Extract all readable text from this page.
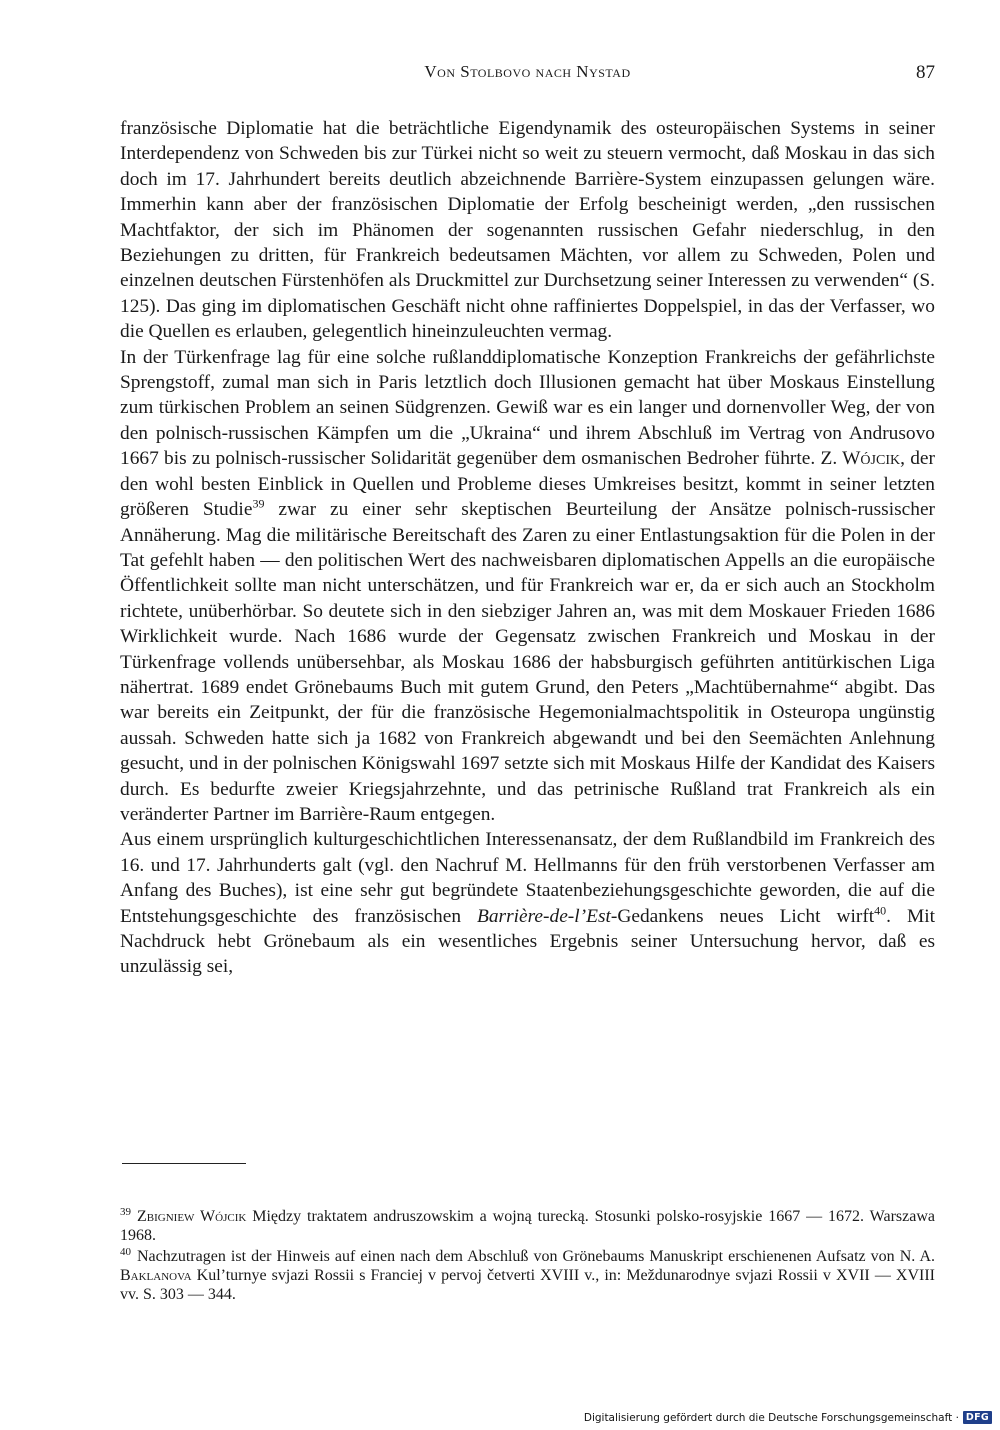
Von Stolbovo nach Nystad	87

französische Diplomatie hat die beträchtliche Eigendynamik des osteuropäischen Systems in seiner Interdependenz von Schweden bis zur Türkei nicht so weit zu steuern vermocht, daß Moskau in das sich doch im 17. Jahrhundert bereits deutlich abzeichnende Barrière-System einzupassen gelungen wäre. Immerhin kann aber der französischen Diplomatie der Erfolg bescheinigt werden, „den russischen Machtfaktor, der sich im Phänomen der sogenannten russischen Gefahr niederschlug, in den Beziehungen zu dritten, für Frankreich bedeutsamen Mächten, vor allem zu Schweden, Polen und einzelnen deutschen Fürstenhöfen als Druckmittel zur Durchsetzung seiner Interessen zu verwenden“ (S. 125). Das ging im diplomatischen Geschäft nicht ohne raffiniertes Doppelspiel, in das der Verfasser, wo die Quellen es erlauben, gelegentlich hineinzuleuchten vermag.

In der Türkenfrage lag für eine solche rußlanddiplomatische Konzeption Frankreichs der gefährlichste Sprengstoff, zumal man sich in Paris letztlich doch Illusionen gemacht hat über Moskaus Einstellung zum türkischen Problem an seinen Südgrenzen. Gewiß war es ein langer und dornenvoller Weg, der von den polnisch-russischen Kämpfen um die „Ukraina“ und ihrem Abschluß im Vertrag von Andrusovo 1667 bis zu polnisch-russischer Solidarität gegenüber dem osmanischen Bedroher führte. Z. Wójcik, der den wohl besten Einblick in Quellen und Probleme dieses Umkreises besitzt, kommt in seiner letzten größeren Studie$^{39}$ zwar zu einer sehr skeptischen Beurteilung der Ansätze polnisch-russischer Annäherung. Mag die militärische Bereitschaft des Zaren zu einer Entlastungsaktion für die Polen in der Tat gefehlt haben — den politischen Wert des nachweisbaren diplomatischen Appells an die europäische Öffentlichkeit sollte man nicht unterschätzen, und für Frankreich war er, da er sich auch an Stockholm richtete, unüberhörbar. So deutete sich in den siebziger Jahren an, was mit dem Moskauer Frieden 1686 Wirklichkeit wurde. Nach 1686 wurde der Gegensatz zwischen Frankreich und Moskau in der Türkenfrage vollends unübersehbar, als Moskau 1686 der habsburgisch geführten antitürkischen Liga nähertrat. 1689 endet Grönebaums Buch mit gutem Grund, den Peters „Machtübernahme“ abgibt. Das war bereits ein Zeitpunkt, der für die französische Hegemonialmachtspolitik in Osteuropa ungünstig aussah. Schweden hatte sich ja 1682 von Frankreich abgewandt und bei den Seemächten Anlehnung gesucht, und in der polnischen Königswahl 1697 setzte sich mit Moskaus Hilfe der Kandidat des Kaisers durch. Es bedurfte zweier Kriegsjahrzehnte, und das petrinische Rußland trat Frankreich als ein veränderter Partner im Barrière-Raum entgegen.

Aus einem ursprünglich kulturgeschichtlichen Interessenansatz, der dem Rußlandbild im Frankreich des 16. und 17. Jahrhunderts galt (vgl. den Nachruf M. Hellmanns für den früh verstorbenen Verfasser am Anfang des Buches), ist eine sehr gut begründete Staatenbeziehungsgeschichte geworden, die auf die Entstehungsgeschichte des französischen Barrière-de-l’Est-Gedankens neues Licht wirft$^{40}$. Mit Nachdruck hebt Grönebaum als ein wesentliches Ergebnis seiner Untersuchung hervor, daß es unzulässig sei,

$^{39}$ Zbigniew Wójcik Między traktatem andruszowskim a wojną turecką. Stosunki polsko-rosyjskie 1667 — 1672. Warszawa 1968.

$^{40}$ Nachzutragen ist der Hinweis auf einen nach dem Abschluß von Grönebaums Manuskript erschienenen Aufsatz von N. A. Baklanova Kul’turnye svjazi Rossii s Franciej v pervoj četverti XVIII v., in: Meždunarodnye svjazi Rossii v XVII — XVIII vv. S. 303 — 344.

Digitalisierung gefördert durch die Deutsche Forschungsgemeinschaft · DFG
